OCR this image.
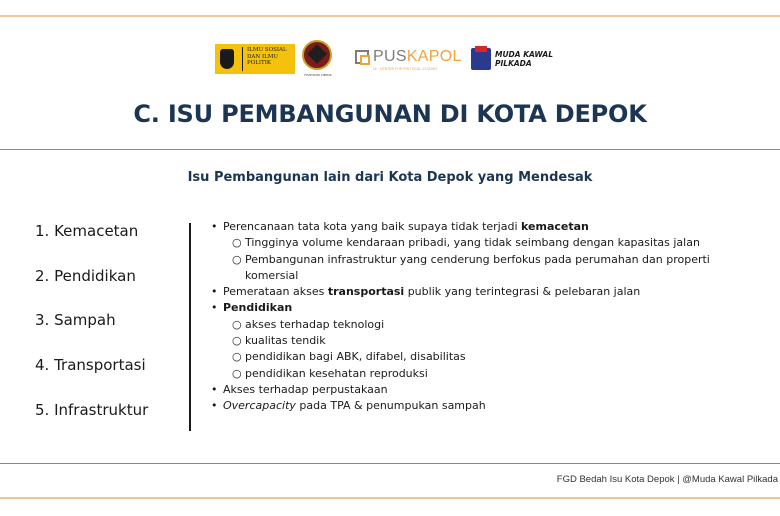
ILMU SOSIAL
DAN ILMU
POLITIK
FISIP KOTA DEPOK
PUSKAPOL
UI · CENTER FOR POLITICAL STUDIES
MUDA KAWAL
PILKADA
C. ISU PEMBANGUNAN DI KOTA DEPOK
Isu Pembangunan lain dari Kota Depok yang Mendesak
1. Kemacetan
2. Pendidikan
3. Sampah
4. Transportasi
5. Infrastruktur
• Perencanaan tata kota yang baik supaya tidak terjadi kemacetan
○ Tingginya volume kendaraan pribadi, yang tidak seimbang dengan kapasitas jalan
○ Pembangunan infrastruktur yang cenderung berfokus pada perumahan dan properti
komersial
• Pemerataan akses transportasi publik yang terintegrasi & pelebaran jalan
• Pendidikan
○ akses terhadap teknologi
○ kualitas tendik
○ pendidikan bagi ABK, difabel, disabilitas
○ pendidikan kesehatan reproduksi
• Akses terhadap perpustakaan
• Overcapacity pada TPA & penumpukan sampah
FGD Bedah Isu Kota Depok | @Muda Kawal Pilkada
